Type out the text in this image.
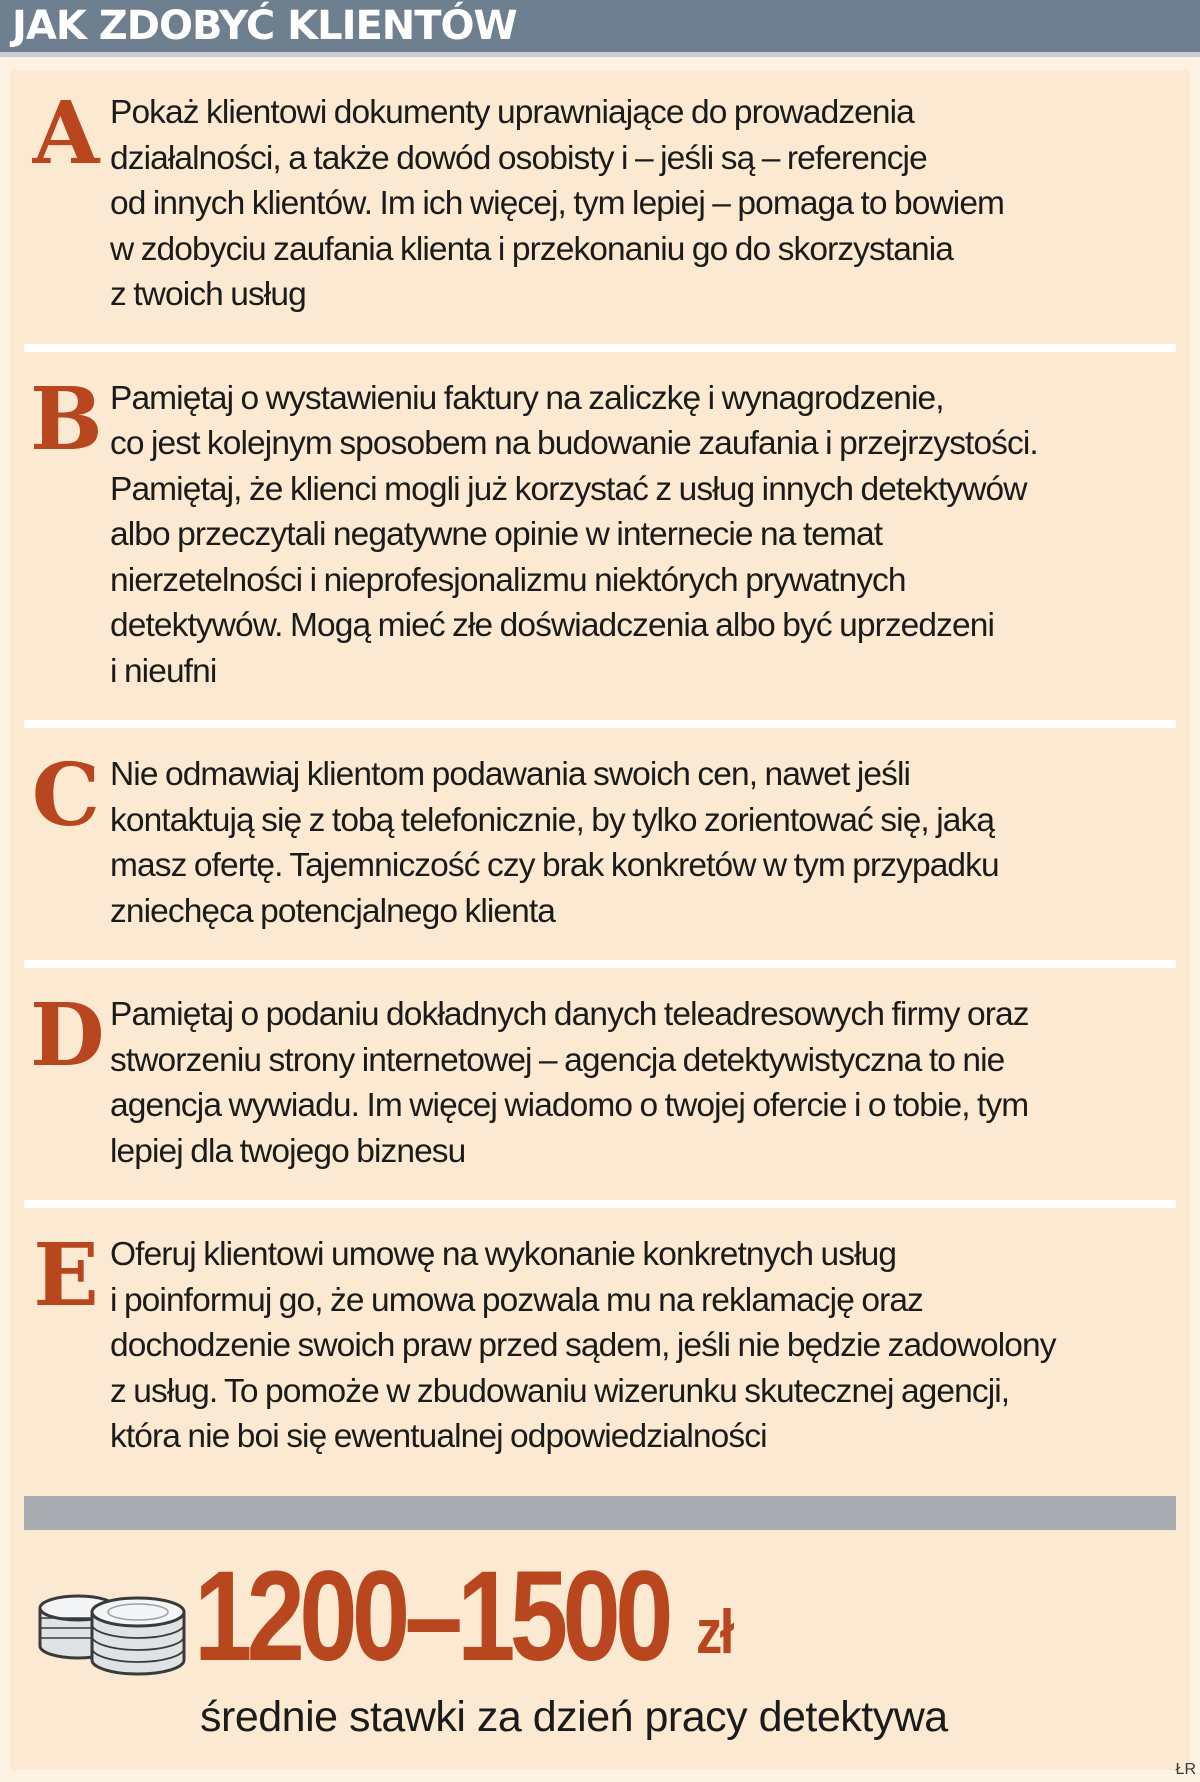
JAK ZDOBYĆ KLIENTÓW
A Pokaż klientowi dokumenty uprawniające do prowadzenia
działalności, a także dowód osobisty i – jeśli są – referencje
od innych klientów. Im ich więcej, tym lepiej – pomaga to bowiem
w zdobyciu zaufania klienta i przekonaniu go do skorzystania
z twoich usług
B Pamiętaj o wystawieniu faktury na zaliczkę i wynagrodzenie,
co jest kolejnym sposobem na budowanie zaufania i przejrzystości.
Pamiętaj, że klienci mogli już korzystać z usług innych detektywów
albo przeczytali negatywne opinie w internecie na temat
nierzetelności i nieprofesjonalizmu niektórych prywatnych
detektywów. Mogą mieć złe doświadczenia albo być uprzedzeni
i nieufni
C Nie odmawiaj klientom podawania swoich cen, nawet jeśli
kontaktują się z tobą telefonicznie, by tylko zorientować się, jaką
masz ofertę. Tajemniczość czy brak konkretów w tym przypadku
zniechęca potencjalnego klienta
D Pamiętaj o podaniu dokładnych danych teleadresowych firmy oraz
stworzeniu strony internetowej – agencja detektywistyczna to nie
agencja wywiadu. Im więcej wiadomo o twojej ofercie i o tobie, tym
lepiej dla twojego biznesu
E Oferuj klientowi umowę na wykonanie konkretnych usług
i poinformuj go, że umowa pozwala mu na reklamację oraz
dochodzenie swoich praw przed sądem, jeśli nie będzie zadowolony
z usług. To pomoże w zbudowaniu wizerunku skutecznej agencji,
która nie boi się ewentualnej odpowiedzialności
1200–1500 zł
średnie stawki za dzień pracy detektywa
ŁR
